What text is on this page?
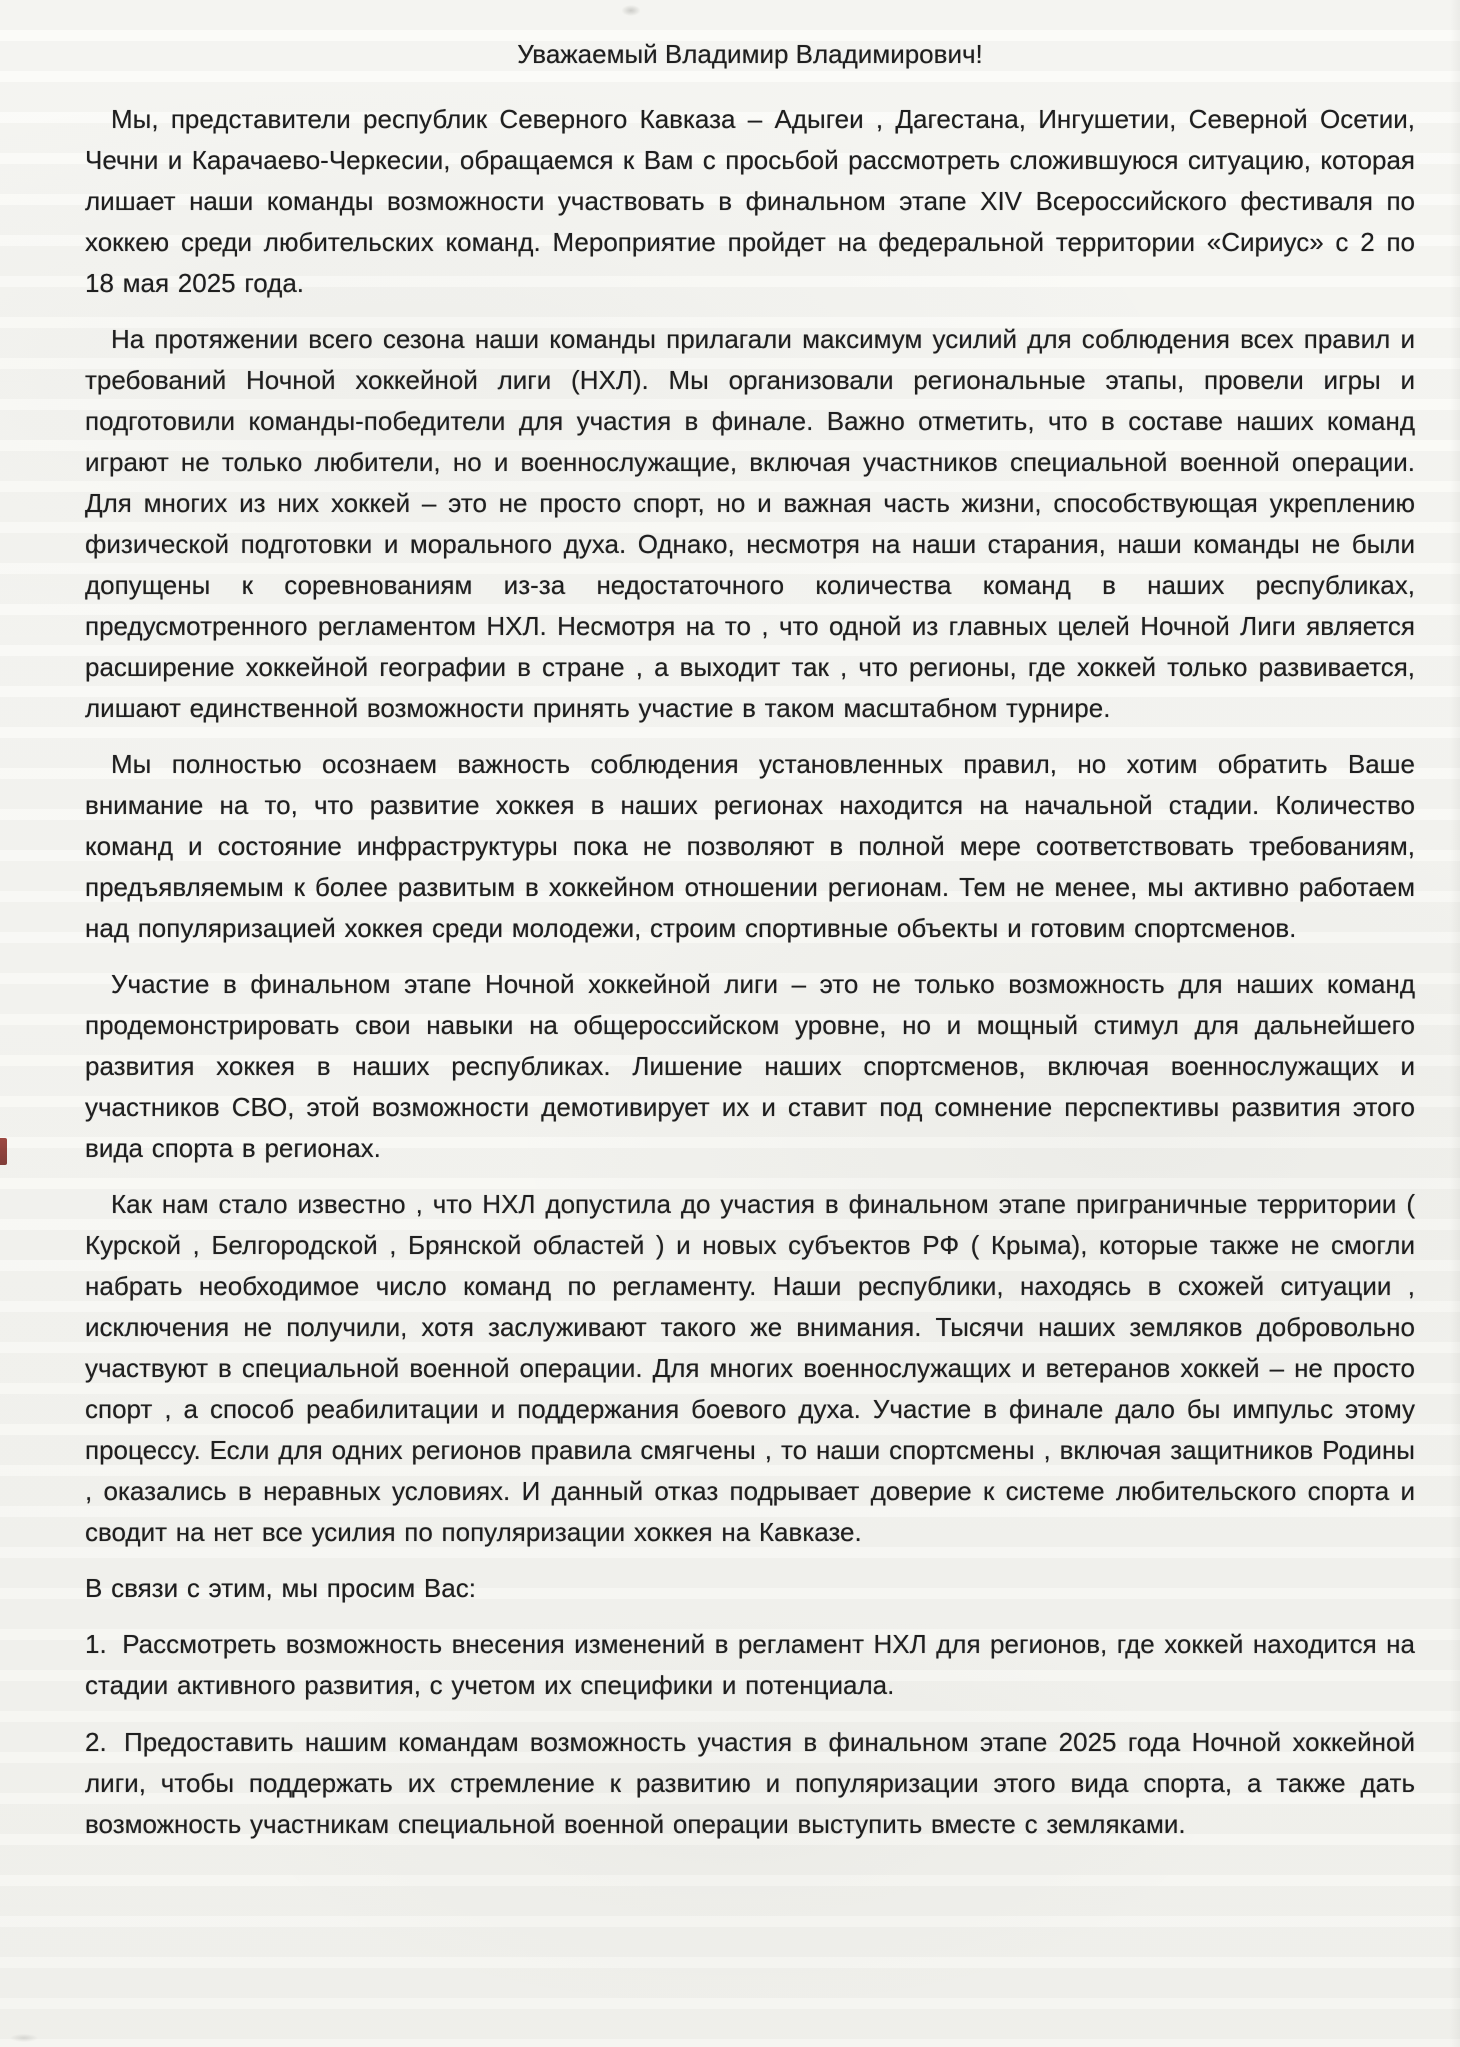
Уважаемый Владимир Владимирович!

Мы, представители республик Северного Кавказа – Адыгеи , Дагестана, Ингушетии, Северной Осетии, Чечни и Карачаево-Черкесии, обращаемся к Вам с просьбой рассмотреть сложившуюся ситуацию, которая лишает наши команды возможности участвовать в финальном этапе XIV Всероссийского фестиваля по хоккею среди любительских команд. Мероприятие пройдет на федеральной территории «Сириус» с 2 по 18 мая 2025 года.

На протяжении всего сезона наши команды прилагали максимум усилий для соблюдения всех правил и требований Ночной хоккейной лиги (НХЛ). Мы организовали региональные этапы, провели игры и подготовили команды-победители для участия в финале. Важно отметить, что в составе наших команд играют не только любители, но и военнослужащие, включая участников специальной военной операции. Для многих из них хоккей – это не просто спорт, но и важная часть жизни, способствующая укреплению физической подготовки и морального духа. Однако, несмотря на наши старания, наши команды не были допущены к соревнованиям из-за недостаточного количества команд в наших республиках, предусмотренного регламентом НХЛ. Несмотря на то , что одной из главных целей Ночной Лиги является расширение хоккейной географии в стране , а выходит так , что регионы, где хоккей только развивается, лишают единственной возможности принять участие в таком масштабном турнире.

Мы полностью осознаем важность соблюдения установленных правил, но хотим обратить Ваше внимание на то, что развитие хоккея в наших регионах находится на начальной стадии. Количество команд и состояние инфраструктуры пока не позволяют в полной мере соответствовать требованиям, предъявляемым к более развитым в хоккейном отношении регионам. Тем не менее, мы активно работаем над популяризацией хоккея среди молодежи, строим спортивные объекты и готовим спортсменов.

Участие в финальном этапе Ночной хоккейной лиги – это не только возможность для наших команд продемонстрировать свои навыки на общероссийском уровне, но и мощный стимул для дальнейшего развития хоккея в наших республиках. Лишение наших спортсменов, включая военнослужащих и участников СВО, этой возможности демотивирует их и ставит под сомнение перспективы развития этого вида спорта в регионах.

Как нам стало известно , что НХЛ допустила до участия в финальном этапе приграничные территории ( Курской , Белгородской , Брянской областей ) и новых субъектов РФ ( Крыма), которые также не смогли набрать необходимое число команд по регламенту. Наши республики, находясь в схожей ситуации , исключения не получили, хотя заслуживают такого же внимания. Тысячи наших земляков добровольно участвуют в специальной военной операции. Для многих военнослужащих и ветеранов хоккей – не просто спорт , а способ реабилитации и поддержания боевого духа. Участие в финале дало бы импульс этому процессу. Если для одних регионов правила смягчены , то наши спортсмены , включая защитников Родины , оказались в неравных условиях. И данный отказ подрывает доверие к системе любительского спорта и сводит на нет все усилия по популяризации хоккея на Кавказе.

В связи с этим, мы просим Вас:

1. Рассмотреть возможность внесения изменений в регламент НХЛ для регионов, где хоккей находится на стадии активного развития, с учетом их специфики и потенциала.

2. Предоставить нашим командам возможность участия в финальном этапе 2025 года Ночной хоккейной лиги, чтобы поддержать их стремление к развитию и популяризации этого вида спорта, а также дать возможность участникам специальной военной операции выступить вместе с земляками.
